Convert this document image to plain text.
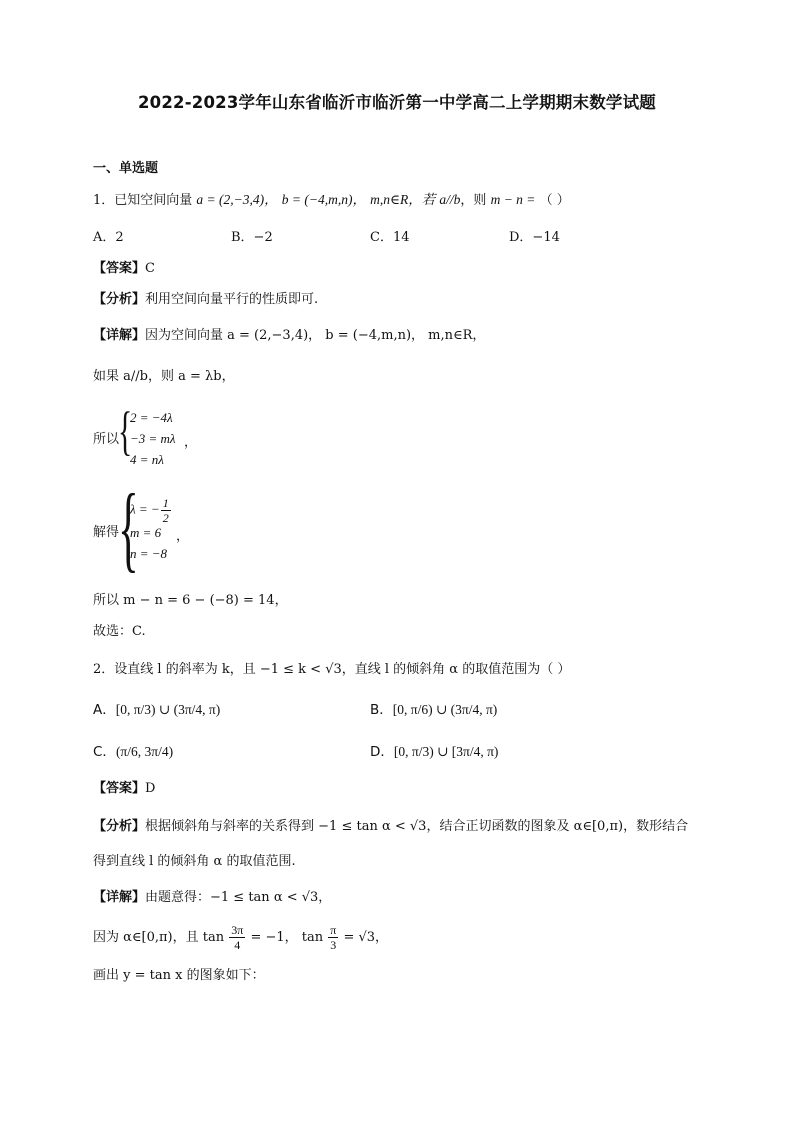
2022-2023学年山东省临沂市临沂第一中学高二上学期期末数学试题
一、单选题
1．已知空间向量 a = (2,−3,4)， b = (−4,m,n)， m,n∈R，若 a//b，则 m − n = （ ）
A．2	B．−2	C．14	D．−14
【答案】C
【分析】利用空间向量平行的性质即可.
【详解】因为空间向量 a = (2,−3,4)， b = (−4,m,n)， m,n∈R，
如果 a//b，则 a = λb，
所以
{
2 = −4λ
−3 = mλ ，
4 = nλ
解得
{
λ = − $\frac{1}{2}$
m = 6 ，
n = −8
所以 m − n = 6 − (−8) = 14，
故选：C.
2．设直线 l 的斜率为 k，且 −1 ≤ k < √3，直线 l 的倾斜角 α 的取值范围为（ ）
A．[0, π/3) ∪ (3π/4, π)	B．[0, π/6) ∪ (3π/4, π)
C．(π/6, 3π/4)	D．[0, π/3) ∪ [3π/4, π)
【答案】D
【分析】根据倾斜角与斜率的关系得到 −1 ≤ tan α < √3，结合正切函数的图象及 α∈[0,π)，数形结合
得到直线 l 的倾斜角 α 的取值范围.
【详解】由题意得：−1 ≤ tan α < √3，
因为 α∈[0,π)，且 $\tan \frac{3\pi}{4} = -1$， $\tan \frac{\pi}{3} = √3$，
画出 y = tan x 的图象如下：
